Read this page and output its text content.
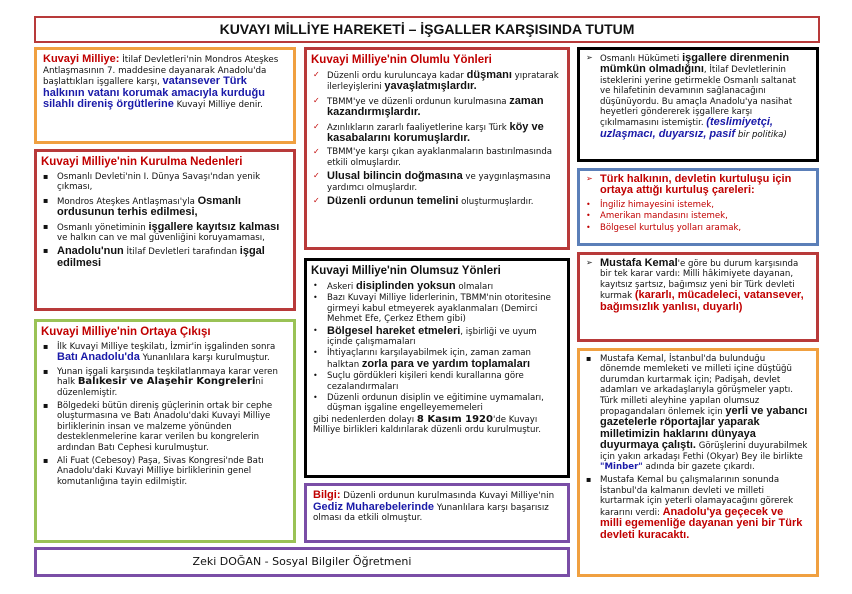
KUVAYI MİLLİYE HAREKETİ – İŞGALLER KARŞISINDA TUTUM
Kuvayi Milliye: İtilaf Devletleri'nin Mondros Ateşkes Antlaşmasının 7. maddesine dayanarak Anadolu'da başlattıkları işgallere karşı, vatansever Türk halkının vatanı korumak amacıyla kurduğu silahlı direniş örgütlerine Kuvayi Milliye denir.
Kuvayi Milliye'nin Kurulma Nedenleri
▪ Osmanlı Devleti'nin I. Dünya Savaşı'ndan yenik çıkması,
▪ Mondros Ateşkes Antlaşması'yla Osmanlı ordusunun terhis edilmesi,
▪ Osmanlı yönetiminin işgallere kayıtsız kalması ve halkın can ve mal güvenliğini koruyamaması,
▪ Anadolu'nun İtilaf Devletleri tarafından işgal edilmesi
Kuvayi Milliye'nin Ortaya Çıkışı
▪ İlk Kuvayi Milliye teşkilatı, İzmir'in işgalinden sonra Batı Anadolu'da Yunanlılara karşı kurulmuştur.
▪ Yunan işgali karşısında teşkilatlanmaya karar veren halk Balıkesir ve Alaşehir Kongrelerini düzenlemiştir.
▪ Bölgedeki bütün direniş güçlerinin ortak bir cephe oluşturmasına ve Batı Anadolu'daki Kuvayi Milliye birliklerinin insan ve malzeme yönünden desteklenmelerine karar verilen bu kongrelerin ardından Batı Cephesi kurulmuştur.
▪ Ali Fuat (Cebesoy) Paşa, Sivas Kongresi'nde Batı Anadolu'daki Kuvayi Milliye birliklerinin genel komutanlığına tayin edilmiştir.
Kuvayi Milliye'nin Olumlu Yönleri
✓ Düzenli ordu kuruluncaya kadar düşmanı yıpratarak ilerleyişlerini yavaşlatmışlardır.
✓ TBMM'ye ve düzenli ordunun kurulmasına zaman kazandırmışlardır.
✓ Azınlıkların zararlı faaliyetlerine karşı Türk köy ve kasabalarını korumuşlardır.
✓ TBMM'ye karşı çıkan ayaklanmaların bastırılmasında etkili olmuşlardır.
✓ Ulusal bilincin doğmasına ve yaygınlaşmasına yardımcı olmuşlardır.
✓ Düzenli ordunun temelini oluşturmuşlardır.
Kuvayi Milliye'nin Olumsuz Yönleri
• Askeri disiplinden yoksun olmaları
• Bazı Kuvayi Milliye liderlerinin, TBMM'nin otoritesine girmeyi kabul etmeyerek ayaklanmaları (Demirci Mehmet Efe, Çerkez Ethem gibi)
• Bölgesel hareket etmeleri, işbirliği ve uyum içinde çalışmamaları
• İhtiyaçlarını karşılayabilmek için, zaman zaman halktan zorla para ve yardım toplamaları
• Suçlu gördükleri kişileri kendi kurallarına göre cezalandırmaları
• Düzenli ordunun disiplin ve eğitimine uymamaları, düşman işgaline engelleyememeleri
gibi nedenlerden dolayı 8 Kasım 1920'de Kuvayı Milliye birlikleri kaldırılarak düzenli ordu kurulmuştur.
Bilgi: Düzenli ordunun kurulmasında Kuvayi Milliye'nin Gediz Muharebelerinde Yunanlılara karşı başarısız olması da etkili olmuştur.
➢ Osmanlı Hükümeti işgallere direnmenin mümkün olmadığını, İtilaf Devletlerinin isteklerini yerine getirmekle Osmanlı saltanat ve hilafetinin devamının sağlanacağını düşünüyordu. Bu amaçla Anadolu'ya nasihat heyetleri göndererek işgallere karşı çıkılmamasını istemiştir. (teslimiyetçi, uzlaşmacı, duyarsız, pasif bir politika)
➢ Türk halkının, devletin kurtuluşu için ortaya attığı kurtuluş çareleri:
• İngiliz himayesini istemek,
• Amerikan mandasını istemek,
• Bölgesel kurtuluş yolları aramak,
➢ Mustafa Kemal'e göre bu durum karşısında bir tek karar vardı: Milli hâkimiyete dayanan, kayıtsız şartsız, bağımsız yeni bir Türk devleti kurmak (kararlı, mücadeleci, vatansever, bağımsızlık yanlısı, duyarlı)
▪ Mustafa Kemal, İstanbul'da bulunduğu dönemde memleketi ve milleti içine düştüğü durumdan kurtarmak için; Padişah, devlet adamları ve arkadaşlarıyla görüşmeler yaptı. Türk milleti aleyhine yapılan olumsuz propagandaları önlemek için yerli ve yabancı gazetelerle röportajlar yaparak milletimizin haklarını dünyaya duyurmaya çalıştı. Görüşlerini duyurabilmek için yakın arkadaşı Fethi (Okyar) Bey ile birlikte "Minber" adında bir gazete çıkardı.
▪ Mustafa Kemal bu çalışmalarının sonunda İstanbul'da kalmanın devleti ve milleti kurtarmak için yeterli olamayacağını görerek kararını verdi: Anadolu'ya geçecek ve milli egemenliğe dayanan yeni bir Türk devleti kuracaktı.
Zeki DOĞAN - Sosyal Bilgiler Öğretmeni
